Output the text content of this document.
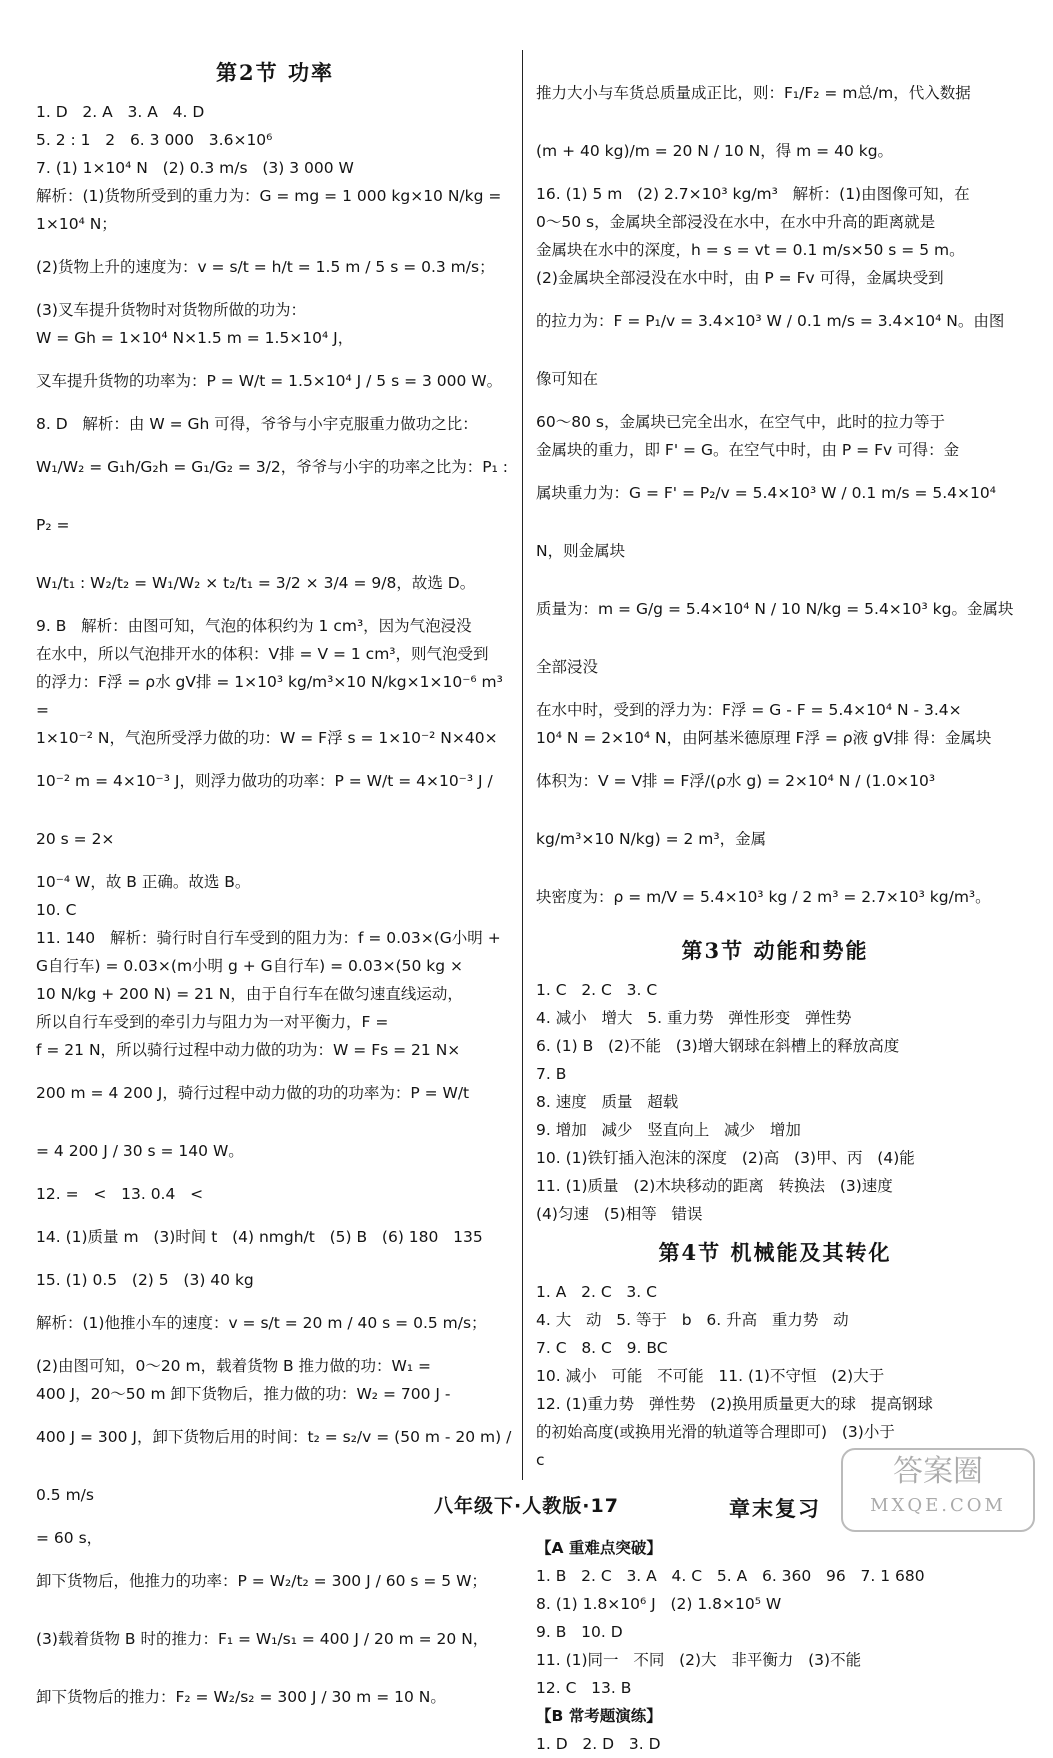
第2节 功率
1. D   2. A   3. A   4. D
5. 2 : 1   2   6. 3 000   3.6×10⁶
7. (1) 1×10⁴ N   (2) 0.3 m/s   (3) 3 000 W
解析：(1)货物所受到的重力为：G = mg = 1 000 kg×10 N/kg =
1×10⁴ N；
(2)货物上升的速度为：v = s/t = h/t = 1.5 m / 5 s = 0.3 m/s；
(3)叉车提升货物时对货物所做的功为：
W = Gh = 1×10⁴ N×1.5 m = 1.5×10⁴ J，
叉车提升货物的功率为：P = W/t = 1.5×10⁴ J / 5 s = 3 000 W。
8. D   解析：由 W = Gh 可得，爷爷与小宇克服重力做功之比：
W₁/W₂ = G₁h/G₂h = G₁/G₂ = 3/2，爷爷与小宇的功率之比为：P₁ : P₂ =
W₁/t₁ : W₂/t₂ = W₁/W₂ × t₂/t₁ = 3/2 × 3/4 = 9/8，故选 D。
9. B   解析：由图可知，气泡的体积约为 1 cm³，因为气泡浸没
在水中，所以气泡排开水的体积：V排 = V = 1 cm³，则气泡受到
的浮力：F浮 = ρ水 gV排 = 1×10³ kg/m³×10 N/kg×1×10⁻⁶ m³ =
1×10⁻² N，气泡所受浮力做的功：W = F浮 s = 1×10⁻² N×40×
10⁻² m = 4×10⁻³ J，则浮力做功的功率：P = W/t = 4×10⁻³ J / 20 s = 2×
10⁻⁴ W，故 B 正确。故选 B。
10. C
11. 140   解析：骑行时自行车受到的阻力为：f = 0.03×(G小明 +
G自行车) = 0.03×(m小明 g + G自行车) = 0.03×(50 kg ×
10 N/kg + 200 N) = 21 N，由于自行车在做匀速直线运动，
所以自行车受到的牵引力与阻力为一对平衡力，F =
f = 21 N，所以骑行过程中动力做的功为：W = Fs = 21 N×
200 m = 4 200 J，骑行过程中动力做的功的功率为：P = W/t
= 4 200 J / 30 s = 140 W。
12. =   <   13. 0.4   <
14. (1)质量 m   (3)时间 t   (4) nmgh/t   (5) B   (6) 180   135
15. (1) 0.5   (2) 5   (3) 40 kg
解析：(1)他推小车的速度：v = s/t = 20 m / 40 s = 0.5 m/s；
(2)由图可知，0～20 m，载着货物 B 推力做的功：W₁ =
400 J，20～50 m 卸下货物后，推力做的功：W₂ = 700 J -
400 J = 300 J，卸下货物后用的时间：t₂ = s₂/v = (50 m - 20 m) / 0.5 m/s
= 60 s，
卸下货物后，他推力的功率：P = W₂/t₂ = 300 J / 60 s = 5 W；
(3)载着货物 B 时的推力：F₁ = W₁/s₁ = 400 J / 20 m = 20 N，
卸下货物后的推力：F₂ = W₂/s₂ = 300 J / 30 m = 10 N。
推力大小与车货总质量成正比，则：F₁/F₂ = m总/m，代入数据
(m + 40 kg)/m = 20 N / 10 N，得 m = 40 kg。
16. (1) 5 m   (2) 2.7×10³ kg/m³   解析：(1)由图像可知，在
0～50 s，金属块全部浸没在水中，在水中升高的距离就是
金属块在水中的深度，h = s = vt = 0.1 m/s×50 s = 5 m。
(2)金属块全部浸没在水中时，由 P = Fv 可得，金属块受到
的拉力为：F = P₁/v = 3.4×10³ W / 0.1 m/s = 3.4×10⁴ N。由图像可知在
60～80 s，金属块已完全出水，在空气中，此时的拉力等于
金属块的重力，即 F' = G。在空气中时，由 P = Fv 可得：金
属块重力为：G = F' = P₂/v = 5.4×10³ W / 0.1 m/s = 5.4×10⁴ N，则金属块
质量为：m = G/g = 5.4×10⁴ N / 10 N/kg = 5.4×10³ kg。金属块全部浸没
在水中时，受到的浮力为：F浮 = G - F = 5.4×10⁴ N - 3.4×
10⁴ N = 2×10⁴ N，由阿基米德原理 F浮 = ρ液 gV排 得：金属块
体积为：V = V排 = F浮/(ρ水 g) = 2×10⁴ N / (1.0×10³ kg/m³×10 N/kg) = 2 m³，金属
块密度为：ρ = m/V = 5.4×10³ kg / 2 m³ = 2.7×10³ kg/m³。
第3节 动能和势能
1. C   2. C   3. C
4. 减小   增大   5. 重力势   弹性形变   弹性势
6. (1) B   (2)不能   (3)增大钢球在斜槽上的释放高度
7. B
8. 速度   质量   超载
9. 增加   减少   竖直向上   减少   增加
10. (1)铁钉插入泡沫的深度   (2)高   (3)甲、丙   (4)能
11. (1)质量   (2)木块移动的距离   转换法   (3)速度
(4)匀速   (5)相等   错误
第4节 机械能及其转化
1. A   2. C   3. C
4. 大   动   5. 等于   b   6. 升高   重力势   动
7. C   8. C   9. BC
10. 减小   可能   不可能   11. (1)不守恒   (2)大于
12. (1)重力势   弹性势   (2)换用质量更大的球   提高钢球
的初始高度(或换用光滑的轨道等合理即可)   (3)小于
c
章末复习
【A 重难点突破】
1. B   2. C   3. A   4. C   5. A   6. 360   96   7. 1 680
8. (1) 1.8×10⁶ J   (2) 1.8×10⁵ W
9. B   10. D
11. (1)同一   不同   (2)大   非平衡力   (3)不能
12. C   13. B
【B 常考题演练】
1. D   2. D   3. D
八年级下·人教版·17
答案圈
MXQE.COM
